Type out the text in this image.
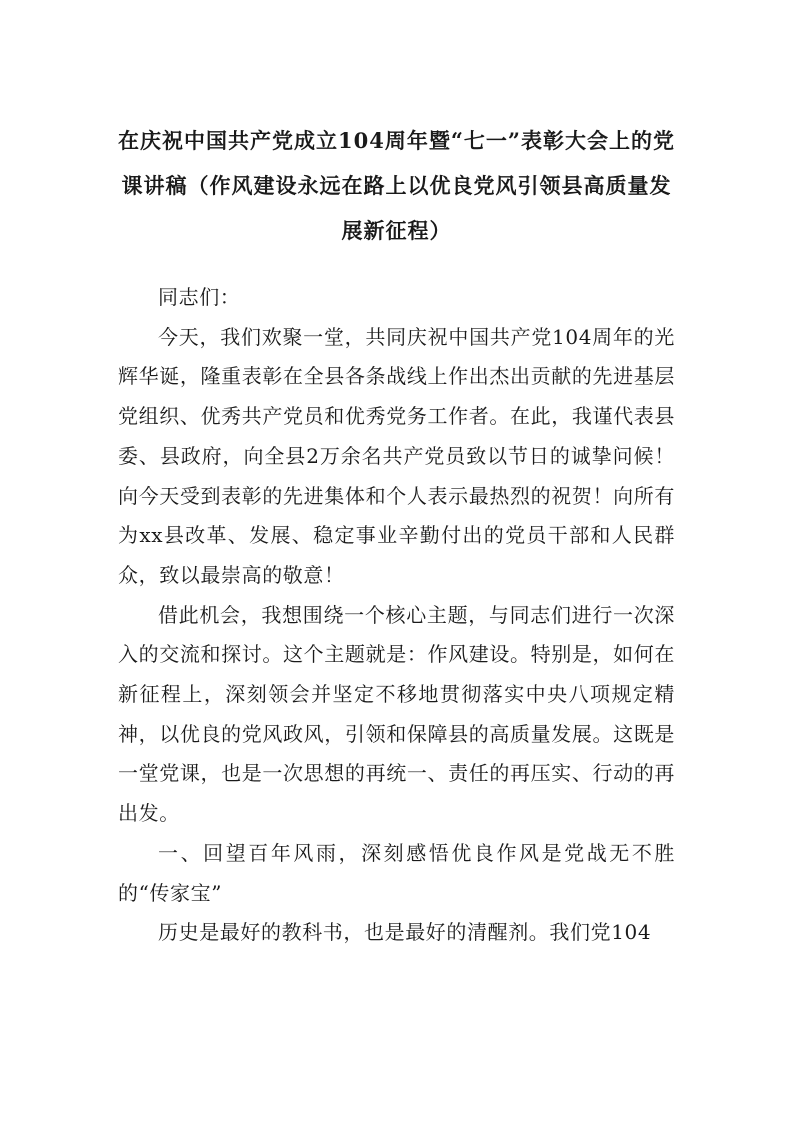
在庆祝中国共产党成立104周年暨“七一”表彰大会上的党课讲稿（作风建设永远在路上以优良党风引领县高质量发展新征程）

同志们：

今天，我们欢聚一堂，共同庆祝中国共产党104周年的光辉华诞，隆重表彰在全县各条战线上作出杰出贡献的先进基层党组织、优秀共产党员和优秀党务工作者。在此，我谨代表县委、县政府，向全县2万余名共产党员致以节日的诚挚问候！向今天受到表彰的先进集体和个人表示最热烈的祝贺！向所有为xx县改革、发展、稳定事业辛勤付出的党员干部和人民群众，致以最崇高的敬意！

借此机会，我想围绕一个核心主题，与同志们进行一次深入的交流和探讨。这个主题就是：作风建设。特别是，如何在新征程上，深刻领会并坚定不移地贯彻落实中央八项规定精神，以优良的党风政风，引领和保障县的高质量发展。这既是一堂党课，也是一次思想的再统一、责任的再压实、行动的再出发。

一、回望百年风雨，深刻感悟优良作风是党战无不胜的“传家宝”

历史是最好的教科书，也是最好的清醒剂。我们党104
